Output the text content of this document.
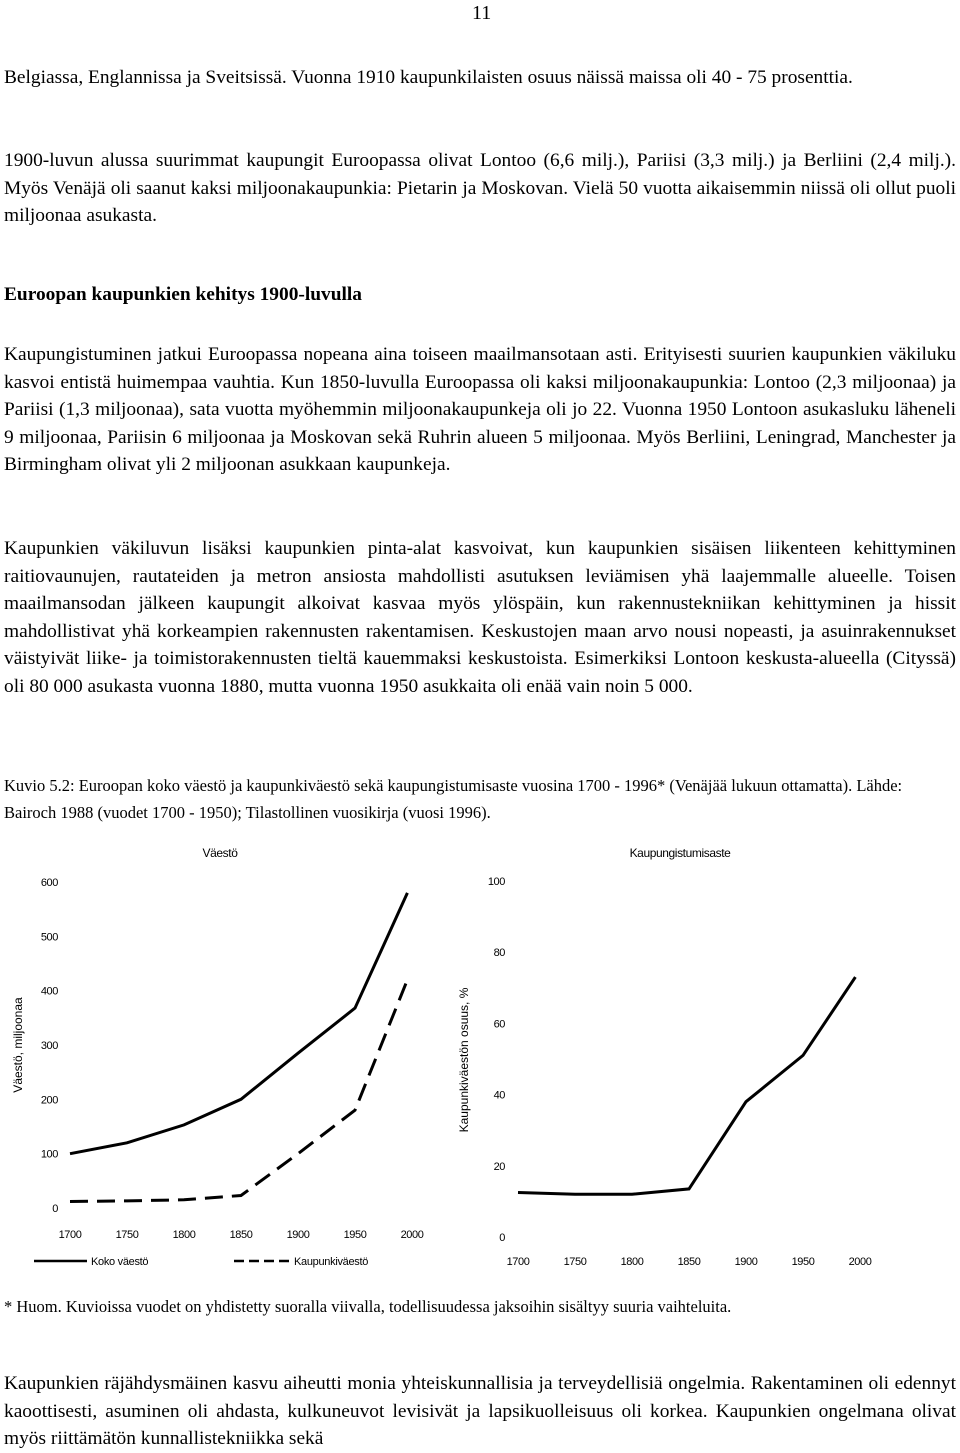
11

Belgiassa, Englannissa ja Sveitsissä. Vuonna 1910 kaupunkilaisten osuus näissä maissa oli 40 - 75 prosenttia.

1900-luvun alussa suurimmat kaupungit Euroopassa olivat Lontoo (6,6 milj.), Pariisi (3,3 milj.) ja Berliini (2,4 milj.). Myös Venäjä oli saanut kaksi miljoonakaupunkia: Pietarin ja Moskovan. Vielä 50 vuotta aikaisemmin niissä oli ollut puoli miljoonaa asukasta.

Euroopan kaupunkien kehitys 1900-luvulla

Kaupungistuminen jatkui Euroopassa nopeana aina toiseen maailmansotaan asti. Erityisesti suurien kaupunkien väkiluku kasvoi entistä huimempaa vauhtia. Kun 1850-luvulla Euroopassa oli kaksi miljoonakaupunkia: Lontoo (2,3 miljoonaa) ja Pariisi (1,3 miljoonaa), sata vuotta myöhemmin miljoonakaupunkeja oli jo 22. Vuonna 1950 Lontoon asukasluku läheneli 9 miljoonaa, Pariisin 6 miljoonaa ja Moskovan sekä Ruhrin alueen 5 miljoonaa. Myös Berliini, Leningrad, Manchester ja Birmingham olivat yli 2 miljoonan asukkaan kaupunkeja.

Kaupunkien väkiluvun lisäksi kaupunkien pinta-alat kasvoivat, kun kaupunkien sisäisen liikenteen kehittyminen raitiovaunujen, rautateiden ja metron ansiosta mahdollisti asutuksen leviämisen yhä laajemmalle alueelle. Toisen maailmansodan jälkeen kaupungit alkoivat kasvaa myös ylöspäin, kun rakennustekniikan kehittyminen ja hissit mahdollistivat yhä korkeampien rakennusten rakentamisen. Keskustojen maan arvo nousi nopeasti, ja asuinrakennukset väistyivät liike- ja toimistorakennusten tieltä kauemmaksi keskustoista. Esimerkiksi Lontoon keskusta-alueella (Cityssä) oli 80 000 asukasta vuonna 1880, mutta vuonna 1950 asukkaita oli enää vain noin 5 000.

Kuvio 5.2: Euroopan koko väestö ja kaupunkiväestö sekä kaupungistumisaste vuosina 1700 - 1996* (Venäjää lukuun ottamatta). Lähde: Bairoch 1988 (vuodet 1700 - 1950); Tilastollinen vuosikirja (vuosi 1996).

Väestö
Väestö, miljoonaa
0
100
200
300
400
500
600
1700	1750	1800	1850	1900	1950	2000
Koko väestö	Kaupunkiväestö
Kaupungistumisaste
Kaupunkiväestön osuus, %
0
20
40
60
80
100
1700	1750	1800	1850	1900	1950	2000

* Huom. Kuvioissa vuodet on yhdistetty suoralla viivalla, todellisuudessa jaksoihin sisältyy suuria vaihteluita.

Kaupunkien räjähdysmäinen kasvu aiheutti monia yhteiskunnallisia ja terveydellisiä ongelmia. Rakentaminen oli edennyt kaoottisesti, asuminen oli ahdasta, kulkuneuvot levisivät ja lapsikuolleisuus oli korkea. Kaupunkien ongelmana olivat myös riittämätön kunnallistekniikka sekä
